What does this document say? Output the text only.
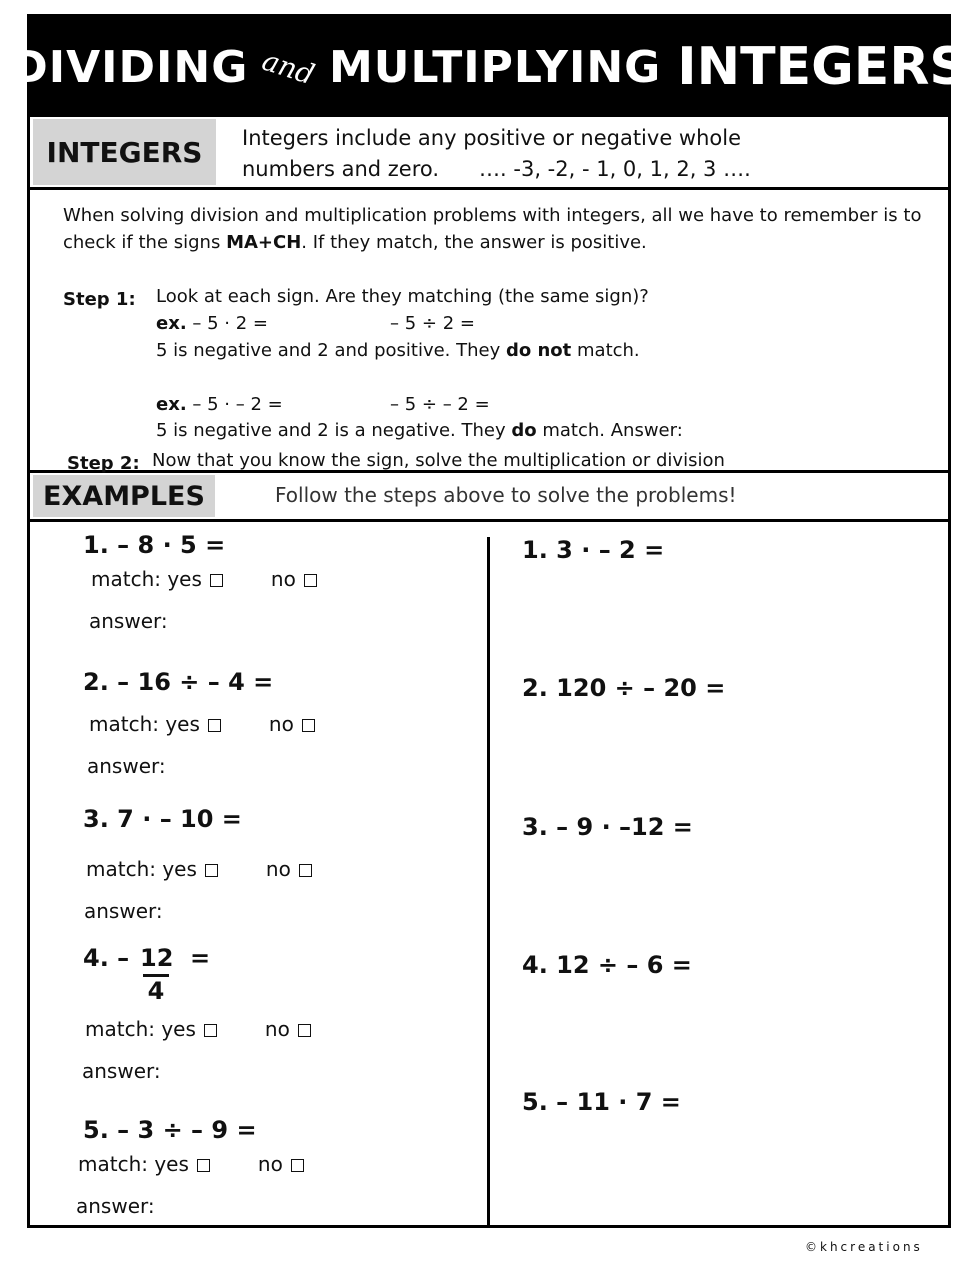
DIVIDING and MULTIPLYING INTEGERS
INTEGERS	Integers include any positive or negative whole
numbers and zero. …. -3, -2, - 1, 0, 1, 2, 3 ….
When solving division and multiplication problems with integers, all we have to remember is to check if the signs MA+CH. If they match, the answer is positive.
Step 1: Look at each sign. Are they matching (the same sign)?
ex. – 5 · 2 =	– 5 ÷ 2 =
5 is negative and 2 and positive. They do not match.
ex. – 5 · – 2 =	– 5 ÷ – 2 =
5 is negative and 2 is a negative. They do match. Answer:
Step 2: Now that you know the sign, solve the multiplication or division
EXAMPLES	Follow the steps above to solve the problems!
1. – 8 · 5 =
match: yes	no
answer:
2. – 16 ÷ – 4 =
match: yes	no
answer:
3. 7 · – 10 =
match: yes	no
answer:
4. – 12
4
=
match: yes	no
answer:
5. – 3 ÷ – 9 =
match: yes	no
answer:
1. 3 · – 2 =
2. 120 ÷ – 20 =
3. – 9 · –12 =
4. 12 ÷ – 6 =
5. – 11 · 7 =
©khcreations
